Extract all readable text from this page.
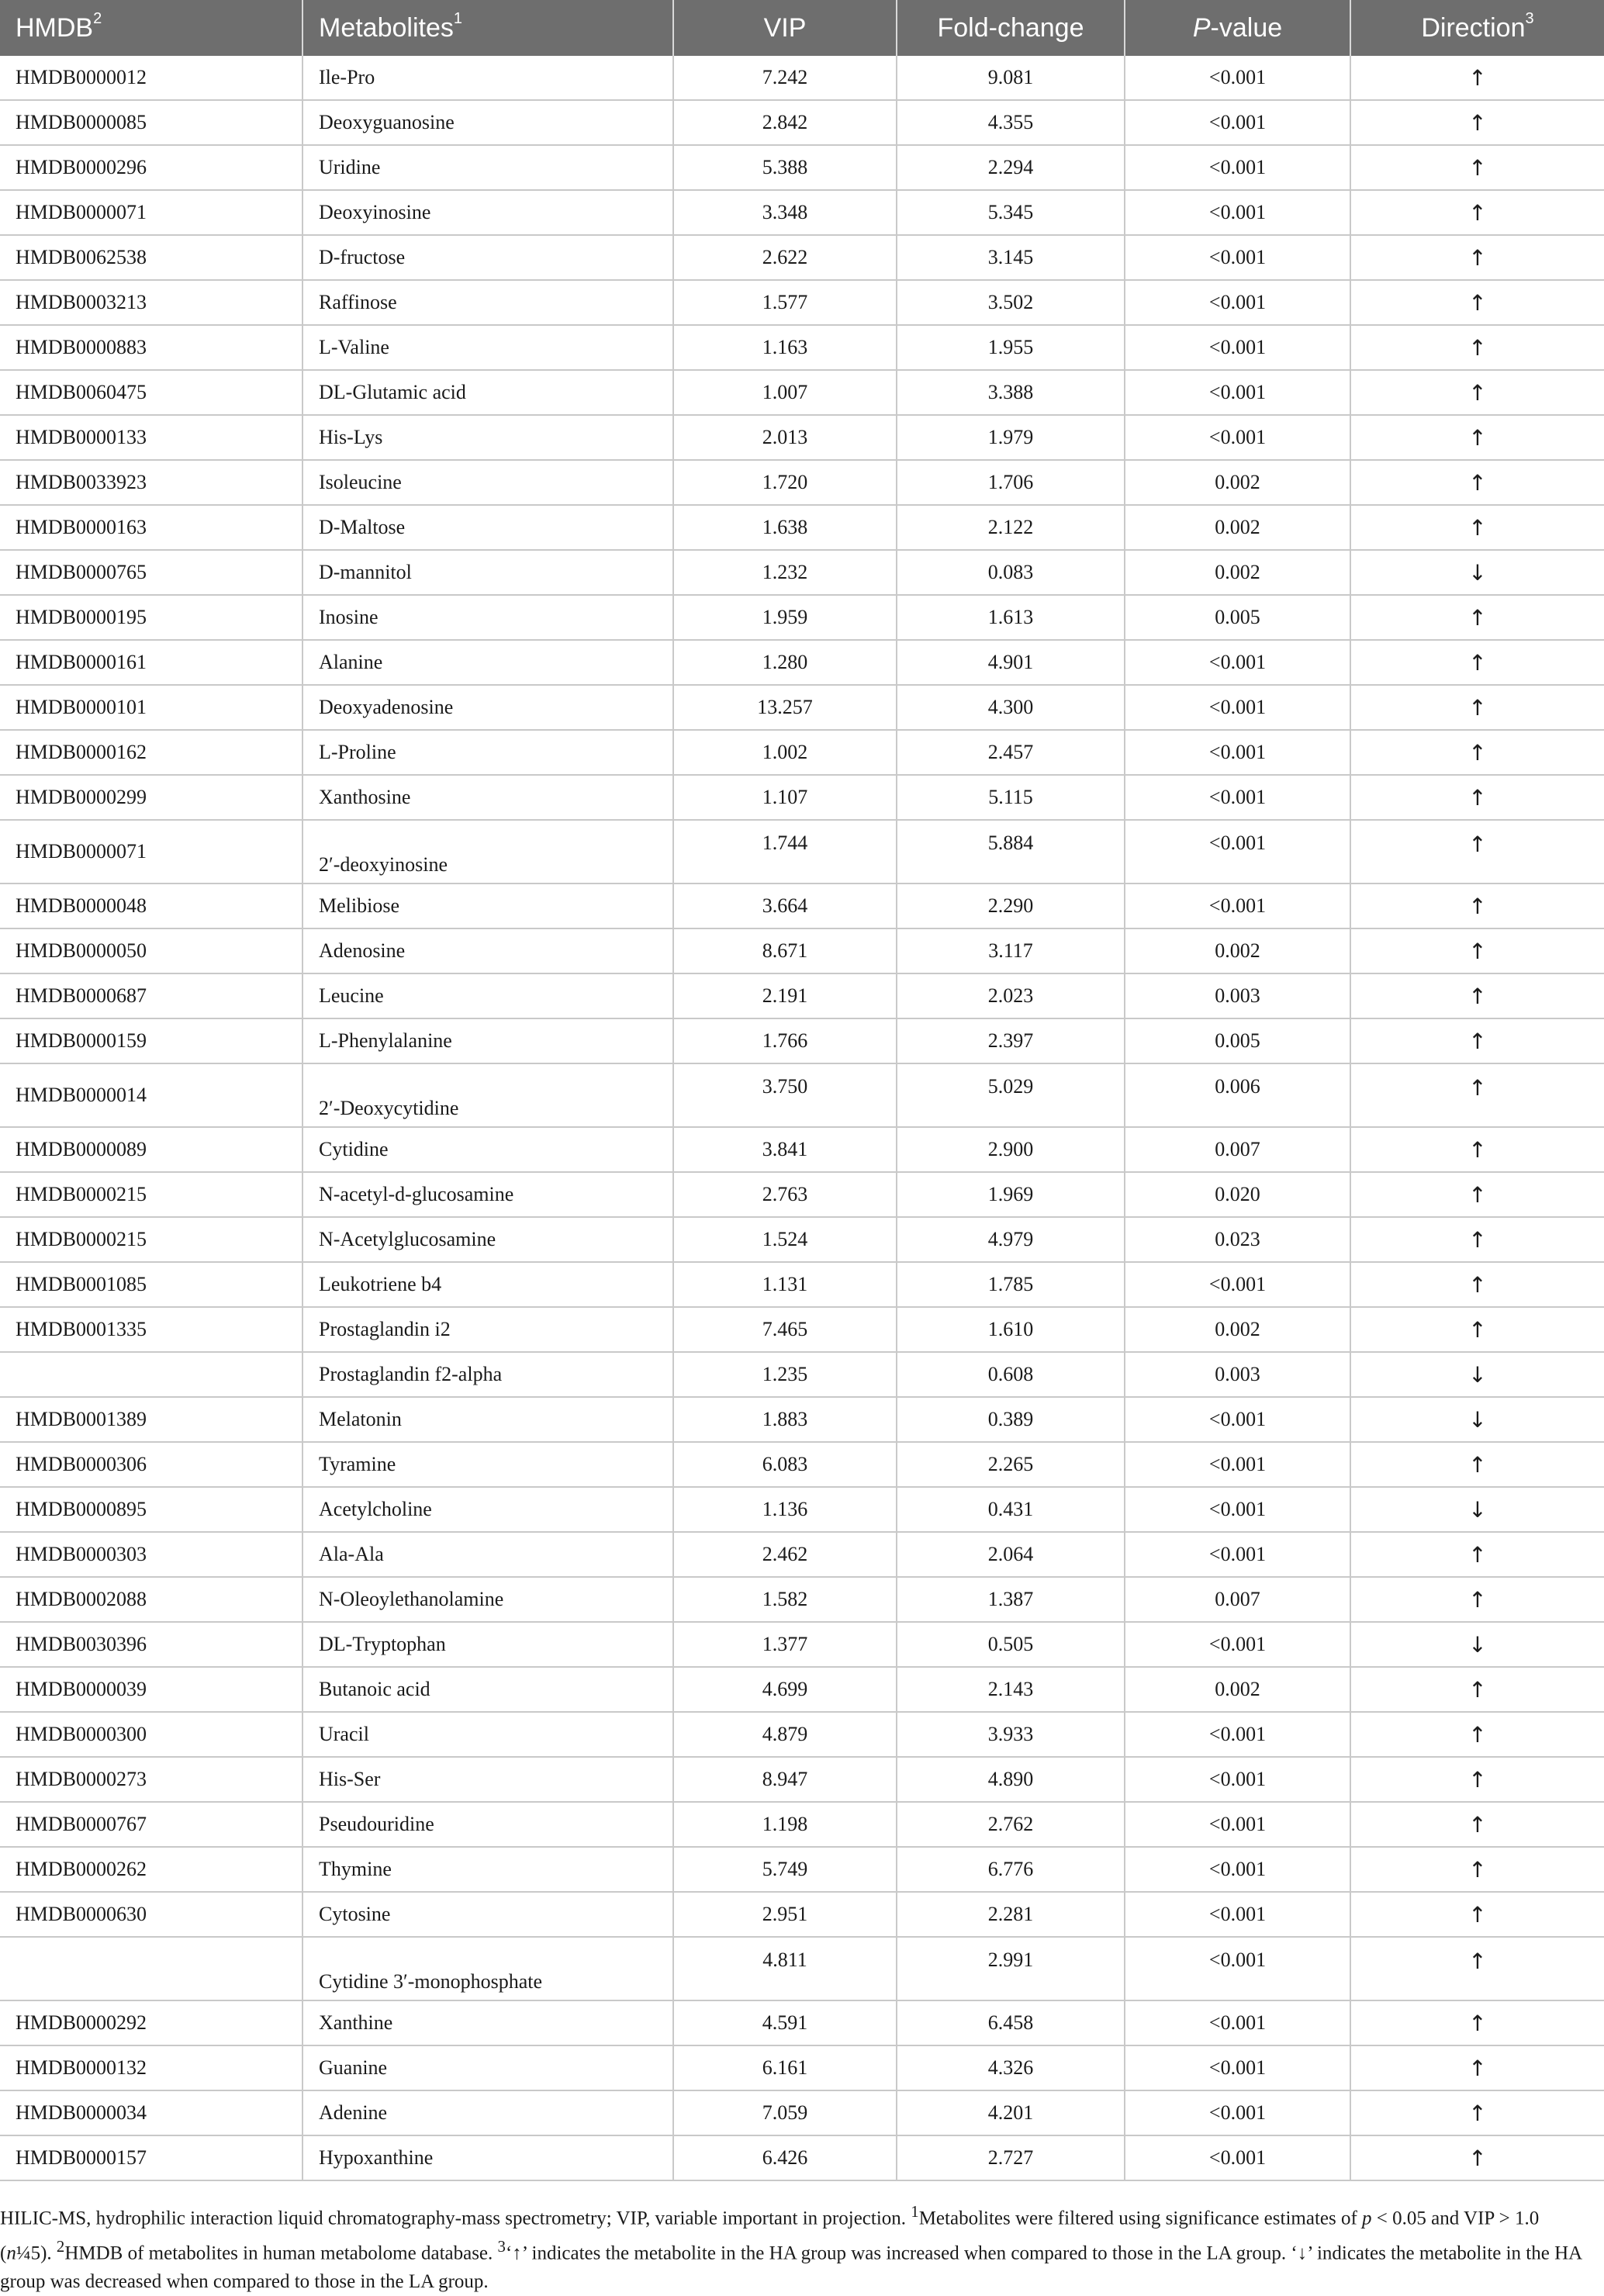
HMDB$^2$	Metabolites$^1$	VIP	Fold-change	P-value	Direction$^3$
HMDB0000012	Ile-Pro	7.242	9.081	<0.001	↑
HMDB0000085	Deoxyguanosine	2.842	4.355	<0.001	↑
HMDB0000296	Uridine	5.388	2.294	<0.001	↑
HMDB0000071	Deoxyinosine	3.348	5.345	<0.001	↑
HMDB0062538	D-fructose	2.622	3.145	<0.001	↑
HMDB0003213	Raffinose	1.577	3.502	<0.001	↑
HMDB0000883	L-Valine	1.163	1.955	<0.001	↑
HMDB0060475	DL-Glutamic acid	1.007	3.388	<0.001	↑
HMDB0000133	His-Lys	2.013	1.979	<0.001	↑
HMDB0033923	Isoleucine	1.720	1.706	0.002	↑
HMDB0000163	D-Maltose	1.638	2.122	0.002	↑
HMDB0000765	D-mannitol	1.232	0.083	0.002	↓
HMDB0000195	Inosine	1.959	1.613	0.005	↑
HMDB0000161	Alanine	1.280	4.901	<0.001	↑
HMDB0000101	Deoxyadenosine	13.257	4.300	<0.001	↑
HMDB0000162	L-Proline	1.002	2.457	<0.001	↑
HMDB0000299	Xanthosine	1.107	5.115	<0.001	↑
HMDB0000071	2′-deoxyinosine	1.744	5.884	<0.001	↑
HMDB0000048	Melibiose	3.664	2.290	<0.001	↑
HMDB0000050	Adenosine	8.671	3.117	0.002	↑
HMDB0000687	Leucine	2.191	2.023	0.003	↑
HMDB0000159	L-Phenylalanine	1.766	2.397	0.005	↑
HMDB0000014	2′-Deoxycytidine	3.750	5.029	0.006	↑
HMDB0000089	Cytidine	3.841	2.900	0.007	↑
HMDB0000215	N-acetyl-d-glucosamine	2.763	1.969	0.020	↑
HMDB0000215	N-Acetylglucosamine	1.524	4.979	0.023	↑
HMDB0001085	Leukotriene b4	1.131	1.785	<0.001	↑
HMDB0001335	Prostaglandin i2	7.465	1.610	0.002	↑
	Prostaglandin f2-alpha	1.235	0.608	0.003	↓
HMDB0001389	Melatonin	1.883	0.389	<0.001	↓
HMDB0000306	Tyramine	6.083	2.265	<0.001	↑
HMDB0000895	Acetylcholine	1.136	0.431	<0.001	↓
HMDB0000303	Ala-Ala	2.462	2.064	<0.001	↑
HMDB0002088	N-Oleoylethanolamine	1.582	1.387	0.007	↑
HMDB0030396	DL-Tryptophan	1.377	0.505	<0.001	↓
HMDB0000039	Butanoic acid	4.699	2.143	0.002	↑
HMDB0000300	Uracil	4.879	3.933	<0.001	↑
HMDB0000273	His-Ser	8.947	4.890	<0.001	↑
HMDB0000767	Pseudouridine	1.198	2.762	<0.001	↑
HMDB0000262	Thymine	5.749	6.776	<0.001	↑
HMDB0000630	Cytosine	2.951	2.281	<0.001	↑
	Cytidine 3′-monophosphate	4.811	2.991	<0.001	↑
HMDB0000292	Xanthine	4.591	6.458	<0.001	↑
HMDB0000132	Guanine	6.161	4.326	<0.001	↑
HMDB0000034	Adenine	7.059	4.201	<0.001	↑
HMDB0000157	Hypoxanthine	6.426	2.727	<0.001	↑
HILIC-MS, hydrophilic interaction liquid chromatography-mass spectrometry; VIP, variable important in projection. $^1$Metabolites were filtered using significance estimates of p < 0.05 and VIP > 1.0 (n¼5). $^2$HMDB of metabolites in human metabolome database. $^3$‘↑’ indicates the metabolite in the HA group was increased when compared to those in the LA group. ‘↓’ indicates the metabolite in the HA group was decreased when compared to those in the LA group.
